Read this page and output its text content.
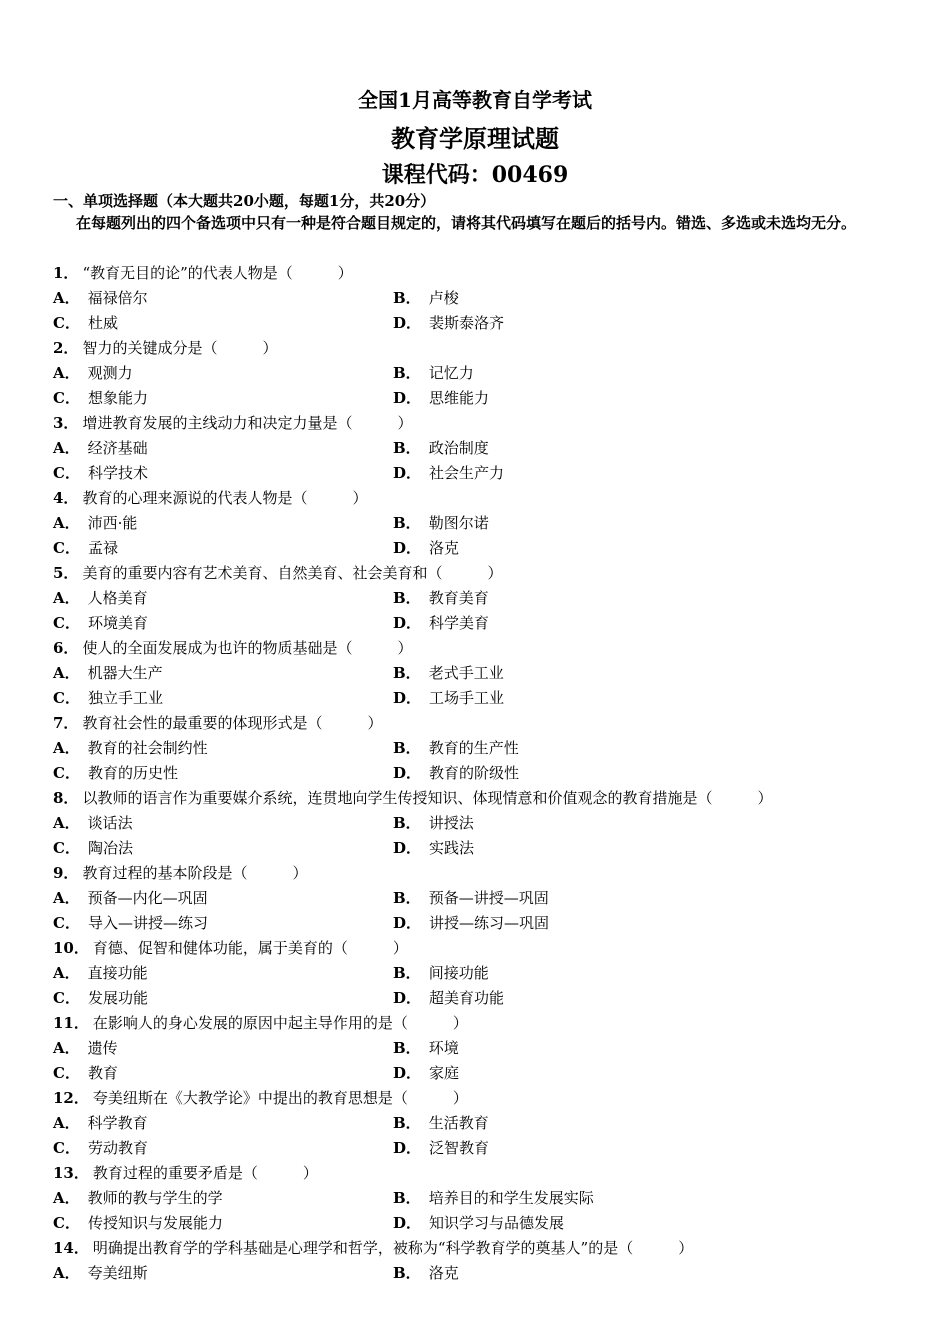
全国1月高等教育自学考试
教育学原理试题
课程代码：00469
一、单项选择题（本大题共20小题，每题1分，共20分）
在每题列出的四个备选项中只有一种是符合题目规定的，请将其代码填写在题后的括号内。错选、多选或未选均无分。
1． “教育无目的论”的代表人物是（　　　）
A． 福禄倍尔	B． 卢梭
C． 杜威	D． 裴斯泰洛齐
2． 智力的关键成分是（　　　）
A． 观测力	B． 记忆力
C． 想象能力	D． 思维能力
3． 增进教育发展的主线动力和决定力量是（　　　）
A． 经济基础	B． 政治制度
C． 科学技术	D． 社会生产力
4． 教育的心理来源说的代表人物是（　　　）
A． 沛西·能	B． 勒图尔诺
C． 孟禄	D． 洛克
5． 美育的重要内容有艺术美育、自然美育、社会美育和（　　　）
A． 人格美育	B． 教育美育
C． 环境美育	D． 科学美育
6． 使人的全面发展成为也许的物质基础是（　　　）
A． 机器大生产	B． 老式手工业
C． 独立手工业	D． 工场手工业
7． 教育社会性的最重要的体现形式是（　　　）
A． 教育的社会制约性	B． 教育的生产性
C． 教育的历史性	D． 教育的阶级性
8． 以教师的语言作为重要媒介系统，连贯地向学生传授知识、体现情意和价值观念的教育措施是（　　　）
A． 谈话法	B． 讲授法
C． 陶冶法	D． 实践法
9． 教育过程的基本阶段是（　　　）
A． 预备—内化—巩固	B． 预备—讲授—巩固
C． 导入—讲授—练习	D． 讲授—练习—巩固
10． 育德、促智和健体功能，属于美育的（　　　）
A． 直接功能	B． 间接功能
C． 发展功能	D． 超美育功能
11． 在影响人的身心发展的原因中起主导作用的是（　　　）
A． 遗传	B． 环境
C． 教育	D． 家庭
12． 夸美纽斯在《大教学论》中提出的教育思想是（　　　）
A． 科学教育	B． 生活教育
C． 劳动教育	D． 泛智教育
13． 教育过程的重要矛盾是（　　　）
A． 教师的教与学生的学	B． 培养目的和学生发展实际
C． 传授知识与发展能力	D． 知识学习与品德发展
14． 明确提出教育学的学科基础是心理学和哲学，被称为“科学教育学的奠基人”的是（　　　）
A． 夸美纽斯	B． 洛克
